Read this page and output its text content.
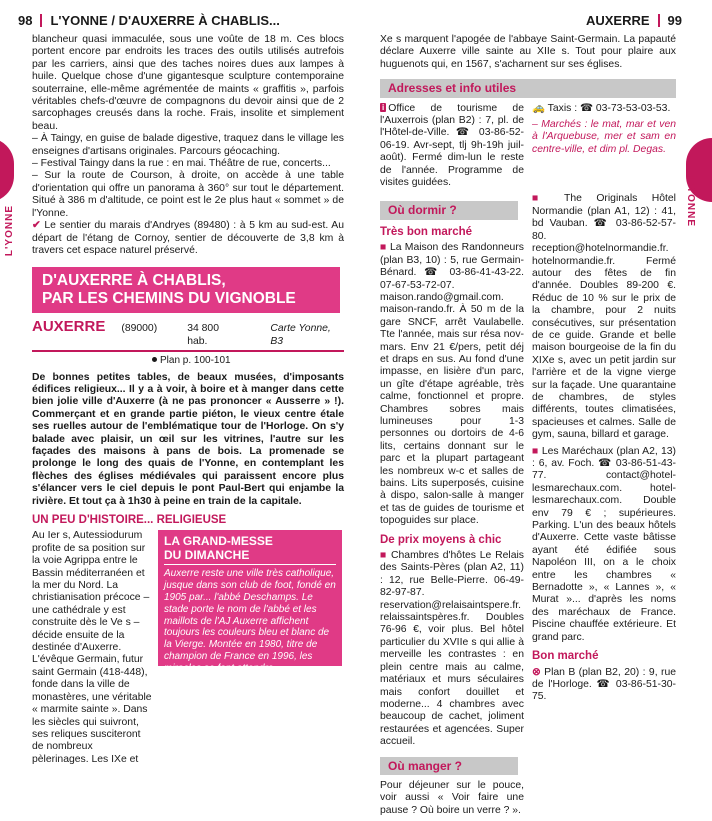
98 L'YONNE / D'AUXERRE À CHABLIS...	AUXERRE 99
L'YONNE
L'YONNE

blancheur quasi immaculée, sous une voûte de 18 m. Ces blocs portent encore par endroits les traces des outils utilisés autrefois par les carriers, ainsi que des taches noires dues aux lampes à huile. Quelque chose d'une gigantesque sculpture contemporaine souterraine, elle-même agrémentée de maints « graffitis », parfois véritables chefs-d'œuvre de compagnons du devoir ainsi que de 2 sarcophages creusés dans la roche. Frais, insolite et simplement beau.

– À Taingy, en guise de balade digestive, traquez dans le village les enseignes d'artisans originales. Parcours géocaching.

– Festival Taingy dans la rue : en mai. Théâtre de rue, concerts...

– Sur la route de Courson, à droite, on accède à une table d'orientation qui offre un panorama à 360° sur tout le département. Situé à 386 m d'altitude, ce point est le 2e plus haut « sommet » de l'Yonne.

✔ Le sentier du marais d'Andryes (89480) : à 5 km au sud-est. Au départ de l'étang de Cornoy, sentier de découverte de 3,8 km à travers cet espace naturel préservé.

D'AUXERRE À CHABLIS,
PAR LES CHEMINS DU VIGNOBLE
AUXERRE (89000)	34 800 hab.
Carte Yonne, B3
Plan p. 100-101

De bonnes petites tables, de beaux musées, d'imposants édifices religieux... Il y a à voir, à boire et à manger dans cette bien jolie ville d'Auxerre (à ne pas prononcer « Ausserre » !). Commerçant et en grande partie piéton, le vieux centre étale ses ruelles autour de l'emblématique tour de l'Horloge. On s'y balade avec plaisir, un œil sur les vitrines, l'autre sur les façades des maisons à pans de bois. La promenade se prolonge le long des quais de l'Yonne, en contemplant les flèches des églises médiévales qui paraissent encore plus s'élancer vers le ciel depuis le pont Paul-Bert qui enjambe la rivière. Et tout ça à 1h30 à peine en train de la capitale.

UN PEU D'HISTOIRE... RELIGIEUSE

Au Ier s, Autessiodurum profite de sa position sur la voie Agrippa entre le Bassin méditerranéen et la mer du Nord. La christianisation précoce – une cathédrale y est construite dès le Ve s – décide ensuite de la destinée d'Auxerre. L'évêque Germain, futur saint Germain (418-448), fonde dans la ville de monastères, une véritable « marmite sainte ». Dans les siècles qui suivront, ses reliques susciteront de nombreux pèlerinages. Les IXe et

LA GRAND-MESSE
DU DIMANCHE
Auxerre reste une ville très catholique, jusque dans son club de foot, fondé en 1905 par... l'abbé Deschamps. Le stade porte le nom de l'abbé et les maillots de l'AJ Auxerre affichent toujours les couleurs bleu et blanc de la Vierge. Montée en 1980, titre de champion de France en 1996, les miracles se font attendre...

Xe s marquent l'apogée de l'abbaye Saint-Germain. La papauté déclare Auxerre ville sainte au XIIe s. Tout pour plaire aux huguenots qui, en 1567, s'acharnent sur ses églises.

Adresses et info utiles

i Office de tourisme de l'Auxerrois (plan B2) : 7, pl. de l'Hôtel-de-Ville. ☎ 03-86-52-06-19. Avr-sept, tlj 9h-19h juil-août). Fermé dim-lun le reste de l'année. Programme de visites guidées.

🚕 Taxis : ☎ 03-73-53-03-53.

– Marchés : le mat, mar et ven à l'Arquebuse, mer et sam en centre-ville, et dim pl. Degas.

Où dormir ?
Très bon marché

■ La Maison des Randonneurs (plan B3, 10) : 5, rue Germain-Bénard. ☎ 03-86-41-43-22. 07-67-53-72-07. maison.rando@gmail.com. maison-rando.fr. À 50 m de la gare SNCF, arrêt Vaulabelle. Tte l'année, mais sur résa nov-mars. Env 21 €/pers, petit déj et draps en sus. Au fond d'une impasse, en lisière d'un parc, un gîte d'étape agréable, très calme, fonctionnel et propre. Chambres sobres mais lumineuses pour 1-3 personnes ou dortoirs de 4-6 lits, certains donnant sur le parc et la plupart partageant les nombreux w-c et salles de bains. Lits superposés, cuisine à dispo, salon-salle à manger et tas de guides de tourisme et topoguides sur place.

De prix moyens à chic

■ Chambres d'hôtes Le Relais des Saints-Pères (plan A2, 11) : 12, rue Belle-Pierre. 06-49-82-97-87. reservation@relaisaintspere.fr. relaissaintspères.fr. Doubles 76-96 €, voir plus. Bel hôtel particulier du XVIIe s qui allie à merveille les contrastes : en plein centre mais au calme, matériaux et murs séculaires mais confort douillet et moderne... 4 chambres avec beaucoup de cachet, joliment restaurées et agencées. Super accueil.

Où manger ?

Pour déjeuner sur le pouce, voir aussi « Voir faire une pause ? Où boire un verre ? ».

■ The Originals Hôtel Normandie (plan A1, 12) : 41, bd Vauban. ☎ 03-86-52-57-80. reception@hotelnormandie.fr. hotelnormandie.fr. Fermé autour des fêtes de fin d'année. Doubles 89-200 €. Réduc de 10 % sur le prix de la chambre, pour 2 nuits consécutives, sur présentation de ce guide. Grande et belle maison bourgeoise de la fin du XIXe s, avec un petit jardin sur l'arrière et de la vigne vierge sur la façade. Une quarantaine de chambres, de styles différents, toutes climatisées, spacieuses et calmes. Salle de gym, sauna, billard et garage.

■ Les Maréchaux (plan A2, 13) : 6, av. Foch. ☎ 03-86-51-43-77. contact@hotel-lesmarechaux.com. hotel-lesmarechaux.com. Double env 79 € ; supérieures. Parking. L'un des beaux hôtels d'Auxerre. Cette vaste bâtisse ayant été édifiée sous Napoléon III, on a le choix entre les chambres « Bernadotte », « Lannes », « Murat »... d'après les noms des maréchaux de France. Piscine chauffée extérieure. Et grand parc.

Bon marché

⊗ Plan B (plan B2, 20) : 9, rue de l'Horloge. ☎ 03-86-51-30-75.
